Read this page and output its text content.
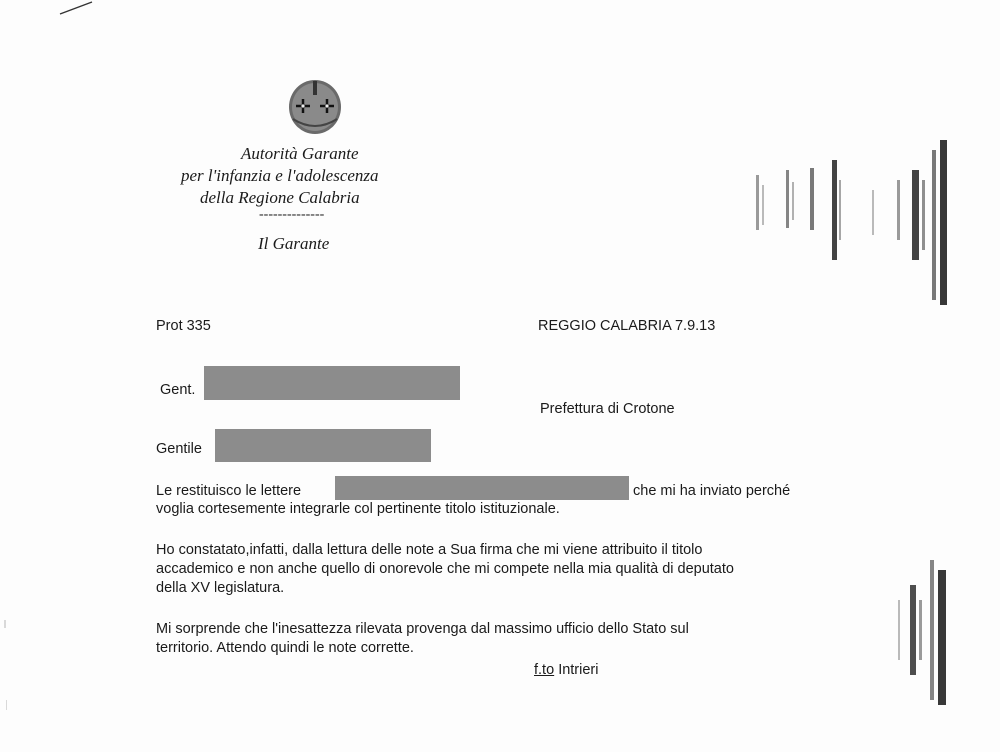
Autorità Garante
per l'infanzia e l'adolescenza
della Regione Calabria
--------------
Il Garante
Prot 335	REGGIO CALABRIA 7.9.13
Gent.
Prefettura di Crotone
Gentile
Le restituisco le lettere	che mi ha inviato perché
voglia cortesemente integrarle col pertinente titolo istituzionale.
Ho constatato,infatti, dalla lettura delle note a Sua firma che mi viene attribuito il titolo
accademico e non anche quello di onorevole che mi compete nella mia qualità di deputato
della XV legislatura.
Mi sorprende che l'inesattezza rilevata provenga dal massimo ufficio dello Stato sul
territorio. Attendo quindi le note corrette.
f.to Intrieri
